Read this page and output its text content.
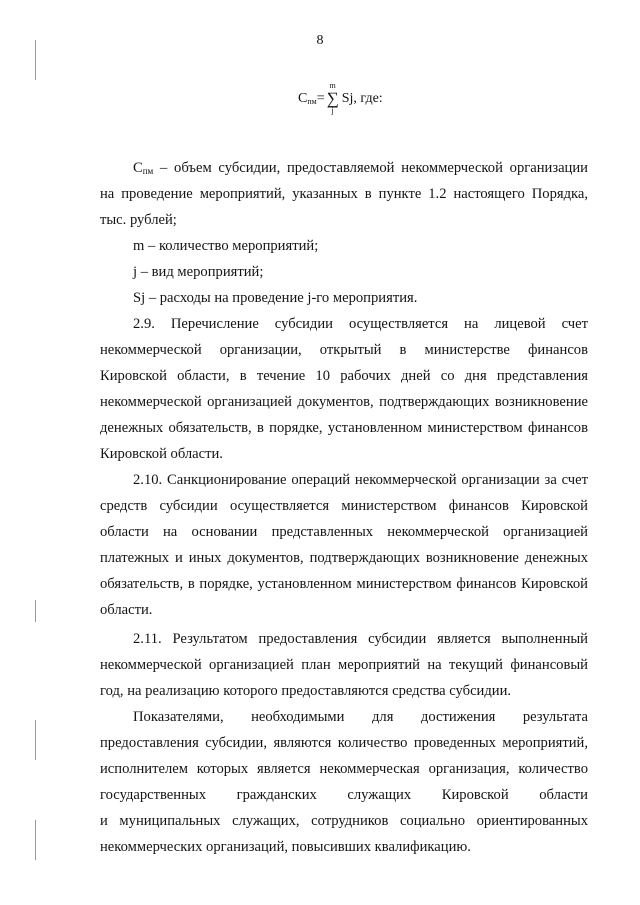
8
$C_{пм}$ =
m
∑
j
Sj, где:
$C_{пм}$ – объем субсидии, предоставляемой некоммерческой организации
на проведение мероприятий, указанных в пункте 1.2 настоящего Порядка,
тыс. рублей;
m – количество мероприятий;
j – вид мероприятий;
Sj – расходы на проведение j-го мероприятия.
2.9. Перечисление субсидии осуществляется на лицевой счет
некоммерческой организации, открытый в министерстве финансов
Кировской области, в течение 10 рабочих дней со дня представления
некоммерческой организацией документов, подтверждающих возникновение
денежных обязательств, в порядке, установленном министерством финансов
Кировской области.
2.10. Санкционирование операций некоммерческой организации за счет
средств субсидии осуществляется министерством финансов Кировской
области на основании представленных некоммерческой организацией
платежных и иных документов, подтверждающих возникновение денежных
обязательств, в порядке, установленном министерством финансов Кировской
области.
2.11. Результатом предоставления субсидии является выполненный
некоммерческой организацией план мероприятий на текущий финансовый
год, на реализацию которого предоставляются средства субсидии.
Показателями, необходимыми для достижения результата
предоставления субсидии, являются количество проведенных мероприятий,
исполнителем которых является некоммерческая организация, количество
государственных гражданских служащих Кировской области
и муниципальных служащих, сотрудников социально ориентированных
некоммерческих организаций, повысивших квалификацию.
